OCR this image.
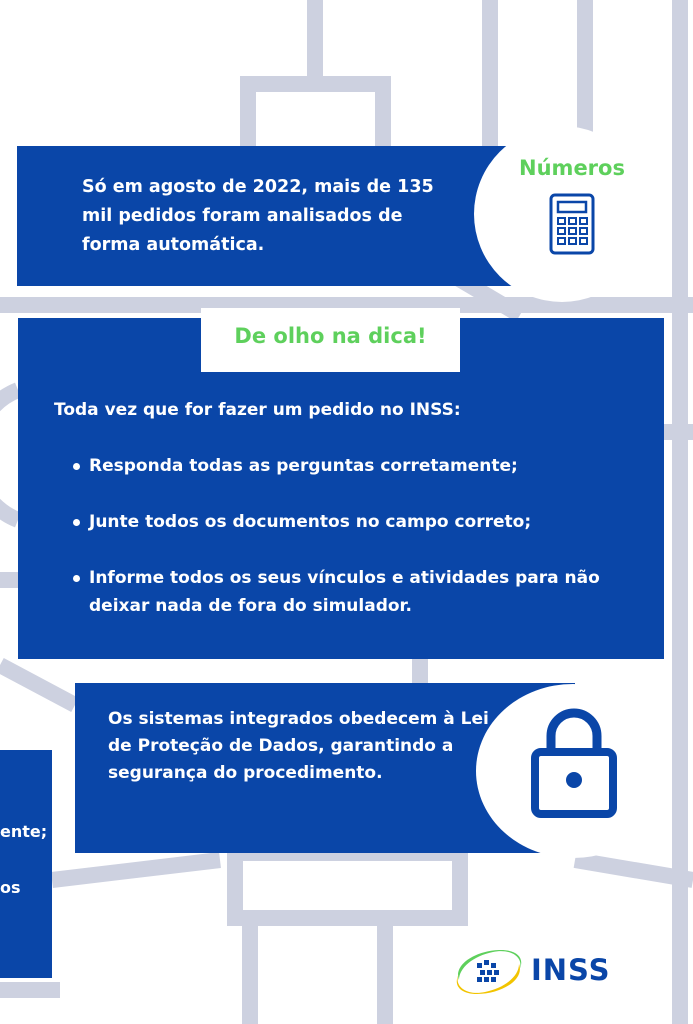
Só em agosto de 2022, mais de 135 mil pedidos foram analisados de forma automática.
Números
De olho na dica!
Toda vez que for fazer um pedido no INSS:
Responda todas as perguntas corretamente;
Junte todos os documentos no campo correto;
Informe todos os seus vínculos e atividades para não deixar nada de fora do simulador.
Os sistemas integrados obedecem à Lei de Proteção de Dados, garantindo a segurança do procedimento.
ente;
os
INSS
